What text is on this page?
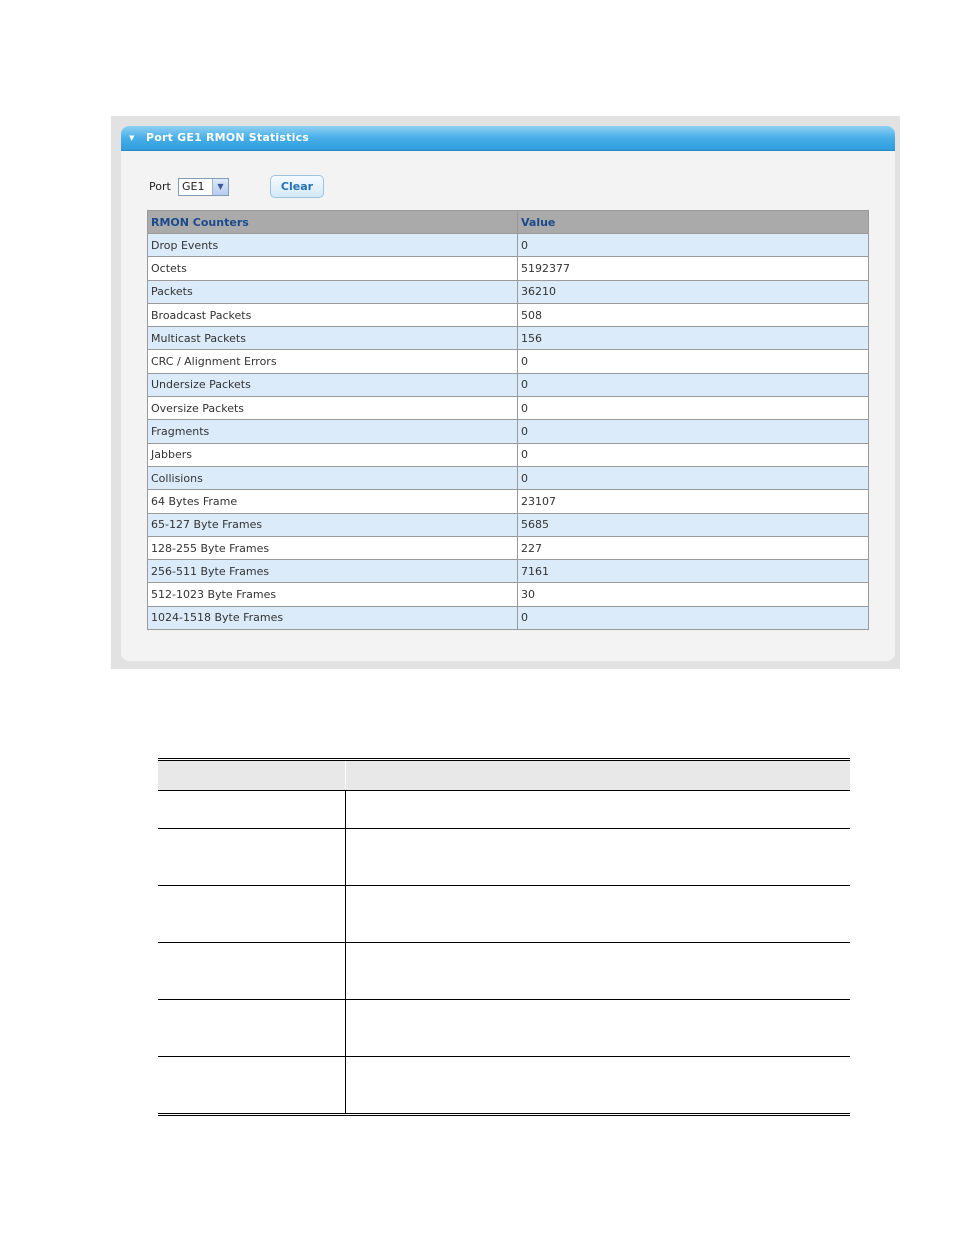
▼ Port GE1 RMON Statistics
Port GE1	▼	Clear
RMON Counters	Value
Drop Events	0
Octets	5192377
Packets	36210
Broadcast Packets	508
Multicast Packets	156
CRC / Alignment Errors	0
Undersize Packets	0
Oversize Packets	0
Fragments	0
Jabbers	0
Collisions	0
64 Bytes Frame	23107
65-127 Byte Frames	5685
128-255 Byte Frames	227
256-511 Byte Frames	7161
512-1023 Byte Frames	30
1024-1518 Byte Frames	0
